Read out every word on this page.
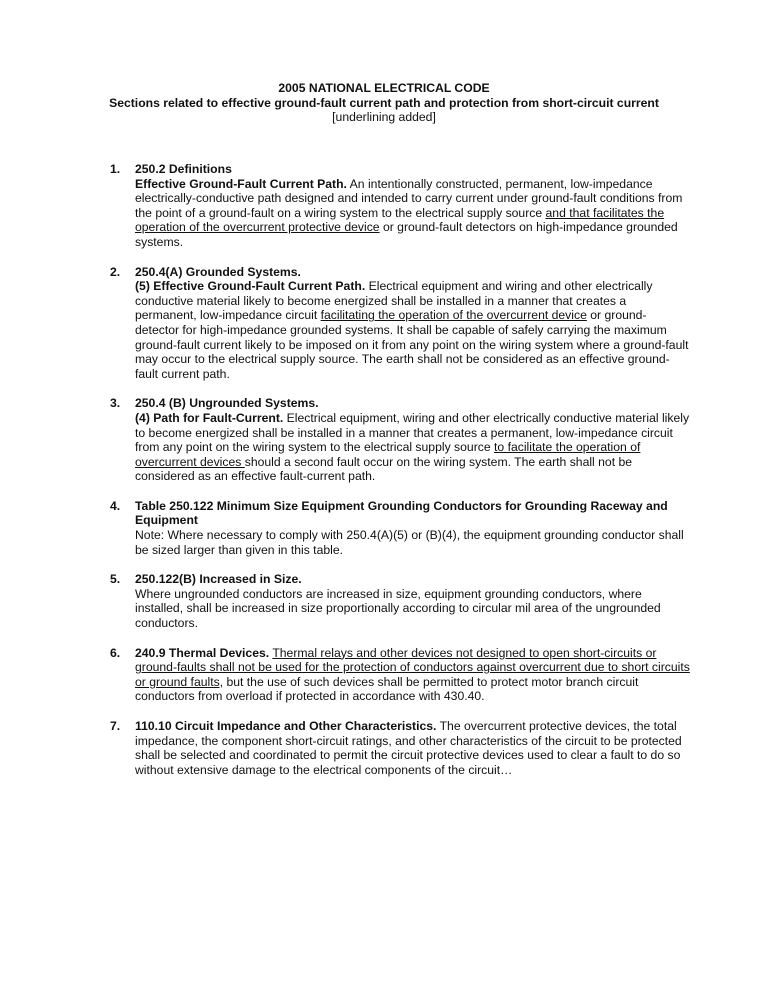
2005 NATIONAL ELECTRICAL CODE
Sections related to effective ground-fault current path and protection from short-circuit current
[underlining added]
1. 250.2 Definitions

Effective Ground-Fault Current Path. An intentionally constructed, permanent, low-impedance electrically-conductive path designed and intended to carry current under ground-fault conditions from the point of a ground-fault on a wiring system to the electrical supply source and that facilitates the operation of the overcurrent protective device or ground-fault detectors on high-impedance grounded systems.

2. 250.4(A) Grounded Systems.

(5) Effective Ground-Fault Current Path. Electrical equipment and wiring and other electrically conductive material likely to become energized shall be installed in a manner that creates a permanent, low-impedance circuit facilitating the operation of the overcurrent device or ground-detector for high-impedance grounded systems. It shall be capable of safely carrying the maximum ground-fault current likely to be imposed on it from any point on the wiring system where a ground-fault may occur to the electrical supply source. The earth shall not be considered as an effective ground-fault current path.

3. 250.4 (B) Ungrounded Systems.

(4) Path for Fault-Current. Electrical equipment, wiring and other electrically conductive material likely to become energized shall be installed in a manner that creates a permanent, low-impedance circuit from any point on the wiring system to the electrical supply source to facilitate the operation of overcurrent devices should a second fault occur on the wiring system. The earth shall not be considered as an effective fault-current path.

4. Table 250.122 Minimum Size Equipment Grounding Conductors for Grounding Raceway and Equipment

Note: Where necessary to comply with 250.4(A)(5) or (B)(4), the equipment grounding conductor shall be sized larger than given in this table.

5. 250.122(B) Increased in Size.

Where ungrounded conductors are increased in size, equipment grounding conductors, where installed, shall be increased in size proportionally according to circular mil area of the ungrounded conductors.

6. 240.9 Thermal Devices. Thermal relays and other devices not designed to open short-circuits or ground-faults shall not be used for the protection of conductors against overcurrent due to short circuits or ground faults, but the use of such devices shall be permitted to protect motor branch circuit conductors from overload if protected in accordance with 430.40.

7. 110.10 Circuit Impedance and Other Characteristics. The overcurrent protective devices, the total impedance, the component short-circuit ratings, and other characteristics of the circuit to be protected shall be selected and coordinated to permit the circuit protective devices used to clear a fault to do so without extensive damage to the electrical components of the circuit…
